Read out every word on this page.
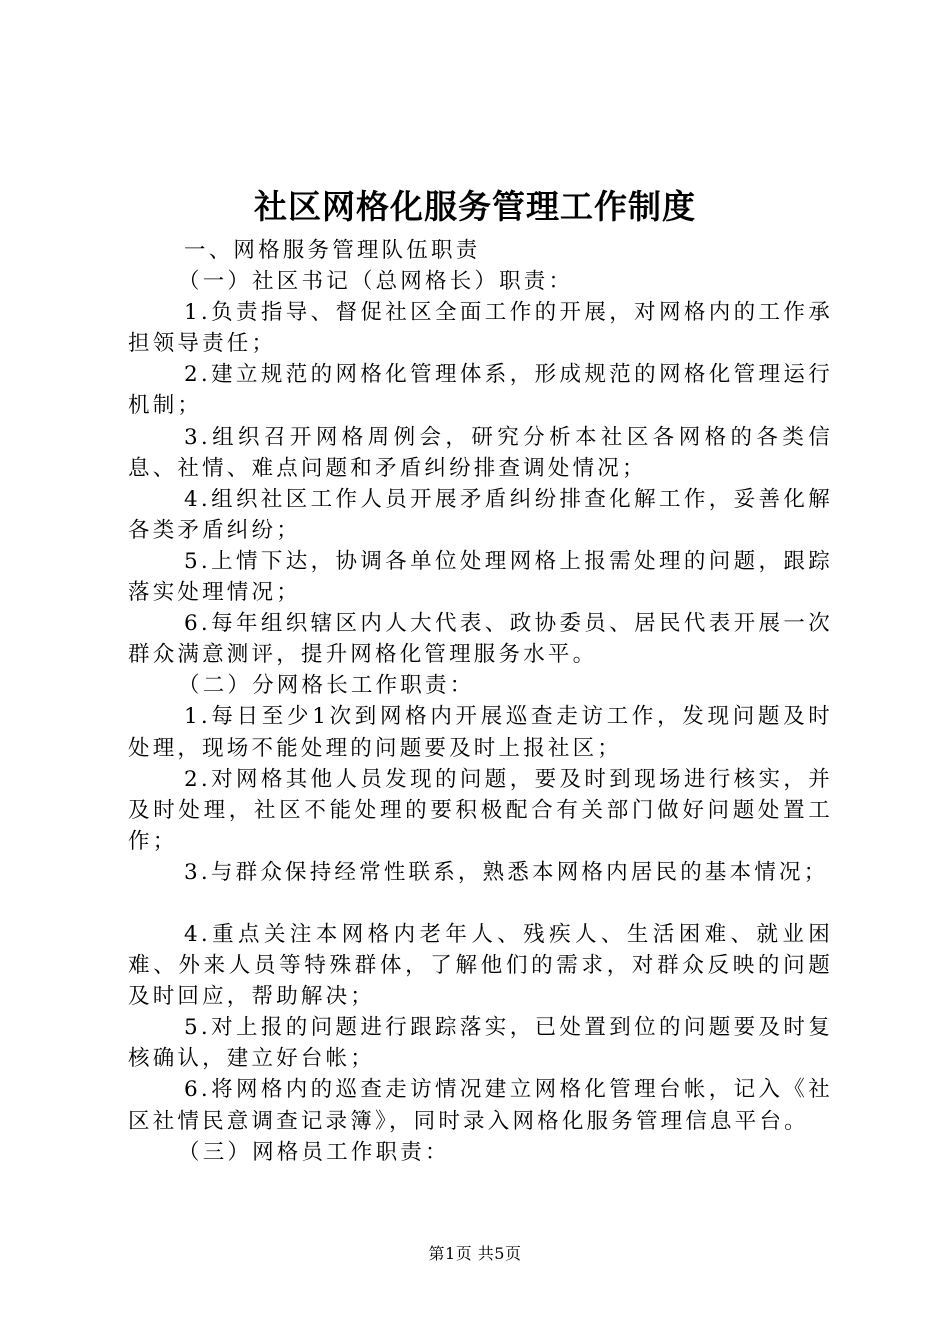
社区网格化服务管理工作制度

一、网格服务管理队伍职责

（一）社区书记（总网格长）职责：

1.负责指导、督促社区全面工作的开展，对网格内的工作承担领导责任；

2.建立规范的网格化管理体系，形成规范的网格化管理运行机制；

3.组织召开网格周例会，研究分析本社区各网格的各类信息、社情、难点问题和矛盾纠纷排查调处情况；

4.组织社区工作人员开展矛盾纠纷排查化解工作，妥善化解各类矛盾纠纷；

5.上情下达，协调各单位处理网格上报需处理的问题，跟踪落实处理情况；

6.每年组织辖区内人大代表、政协委员、居民代表开展一次群众满意测评，提升网格化管理服务水平。

（二）分网格长工作职责：

1.每日至少1次到网格内开展巡查走访工作，发现问题及时处理，现场不能处理的问题要及时上报社区；

2.对网格其他人员发现的问题，要及时到现场进行核实，并及时处理，社区不能处理的要积极配合有关部门做好问题处置工作；

3.与群众保持经常性联系，熟悉本网格内居民的基本情况；

4.重点关注本网格内老年人、残疾人、生活困难、就业困难、外来人员等特殊群体，了解他们的需求，对群众反映的问题及时回应，帮助解决；

5.对上报的问题进行跟踪落实，已处置到位的问题要及时复核确认，建立好台帐；

6.将网格内的巡查走访情况建立网格化管理台帐，记入《社区社情民意调查记录簿》，同时录入网格化服务管理信息平台。

（三）网格员工作职责：

第1页 共5页
